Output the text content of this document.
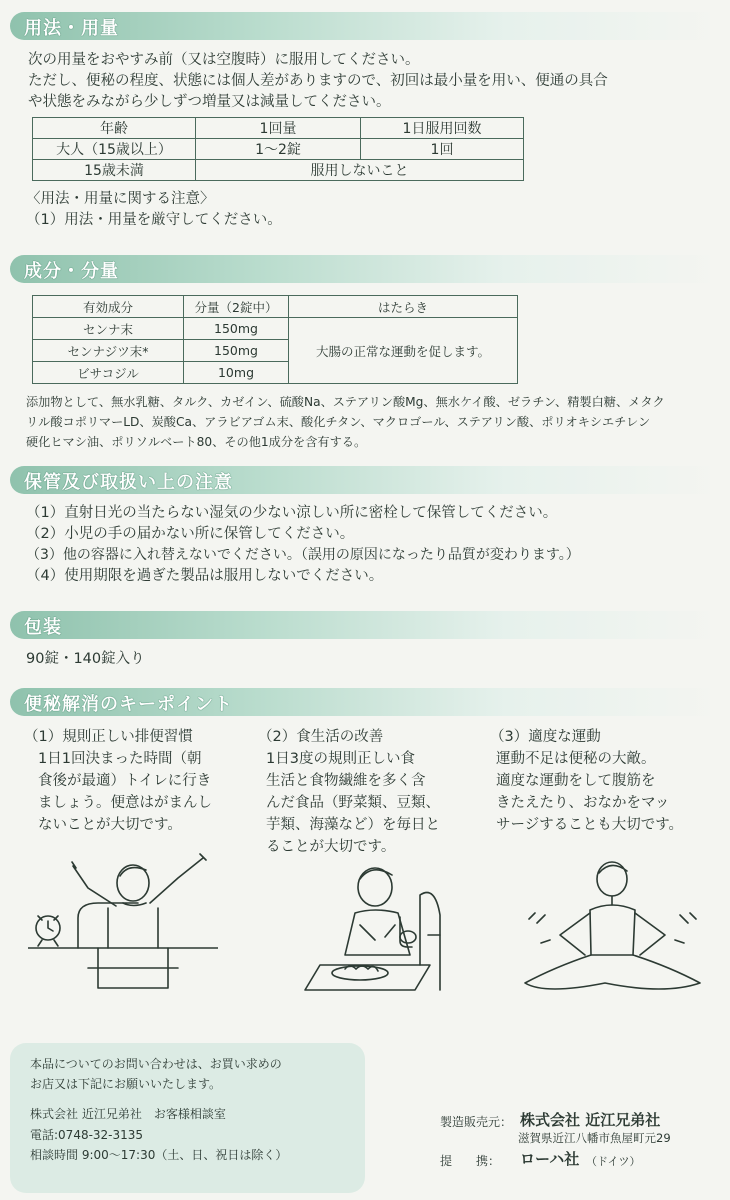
用法・用量
次の用量をおやすみ前（又は空腹時）に服用してください。
ただし、便秘の程度、状態には個人差がありますので、初回は最小量を用い、便通の具合
や状態をみながら少しずつ増量又は減量してください。
年齢	1回量	1日服用回数
大人（15歳以上）	1〜2錠	1回
15歳未満	服用しないこと	
〈用法・用量に関する注意〉
（1）用法・用量を厳守してください。
成分・分量
有効成分	分量（2錠中）	はたらき
センナ末	150mg	大腸の正常な運動を促します。
センナジツ末*	150mg	
ビサコジル	10mg	
添加物として、無水乳糖、タルク、カゼイン、硫酸Na、ステアリン酸Mg、無水ケイ酸、ゼラチン、精製白糖、メタク
リル酸コポリマーLD、炭酸Ca、アラビアゴム末、酸化チタン、マクロゴール、ステアリン酸、ポリオキシエチレン
硬化ヒマシ油、ポリソルベート80、その他1成分を含有する。
保管及び取扱い上の注意
（1）直射日光の当たらない湿気の少ない涼しい所に密栓して保管してください。
（2）小児の手の届かない所に保管してください。
（3）他の容器に入れ替えないでください。（誤用の原因になったり品質が変わります。）
（4）使用期限を過ぎた製品は服用しないでください。
包装
90錠・140錠入り
便秘解消のキーポイント
（1）規則正しい排便習慣
1日1回決まった時間（朝
食後が最適）トイレに行き
ましょう。便意はがまんし
ないことが大切です。
（2）食生活の改善
1日3度の規則正しい食
生活と食物繊維を多く含
んだ食品（野菜類、豆類、
芋類、海藻など）を毎日と
ることが大切です。
（3）適度な運動
運動不足は便秘の大敵。
適度な運動をして腹筋を
きたえたり、おなかをマッ
サージすることも大切です。
本品についてのお問い合わせは、お買い求めの
お店又は下記にお願いいたします。
株式会社 近江兄弟社　お客様相談室
電話:0748-32-3135
相談時間 9:00〜17:30（土、日、祝日は除く）
製造販売元： 株式会社 近江兄弟社
滋賀県近江八幡市魚屋町元29
提　　携： ローハ社 （ドイツ）
